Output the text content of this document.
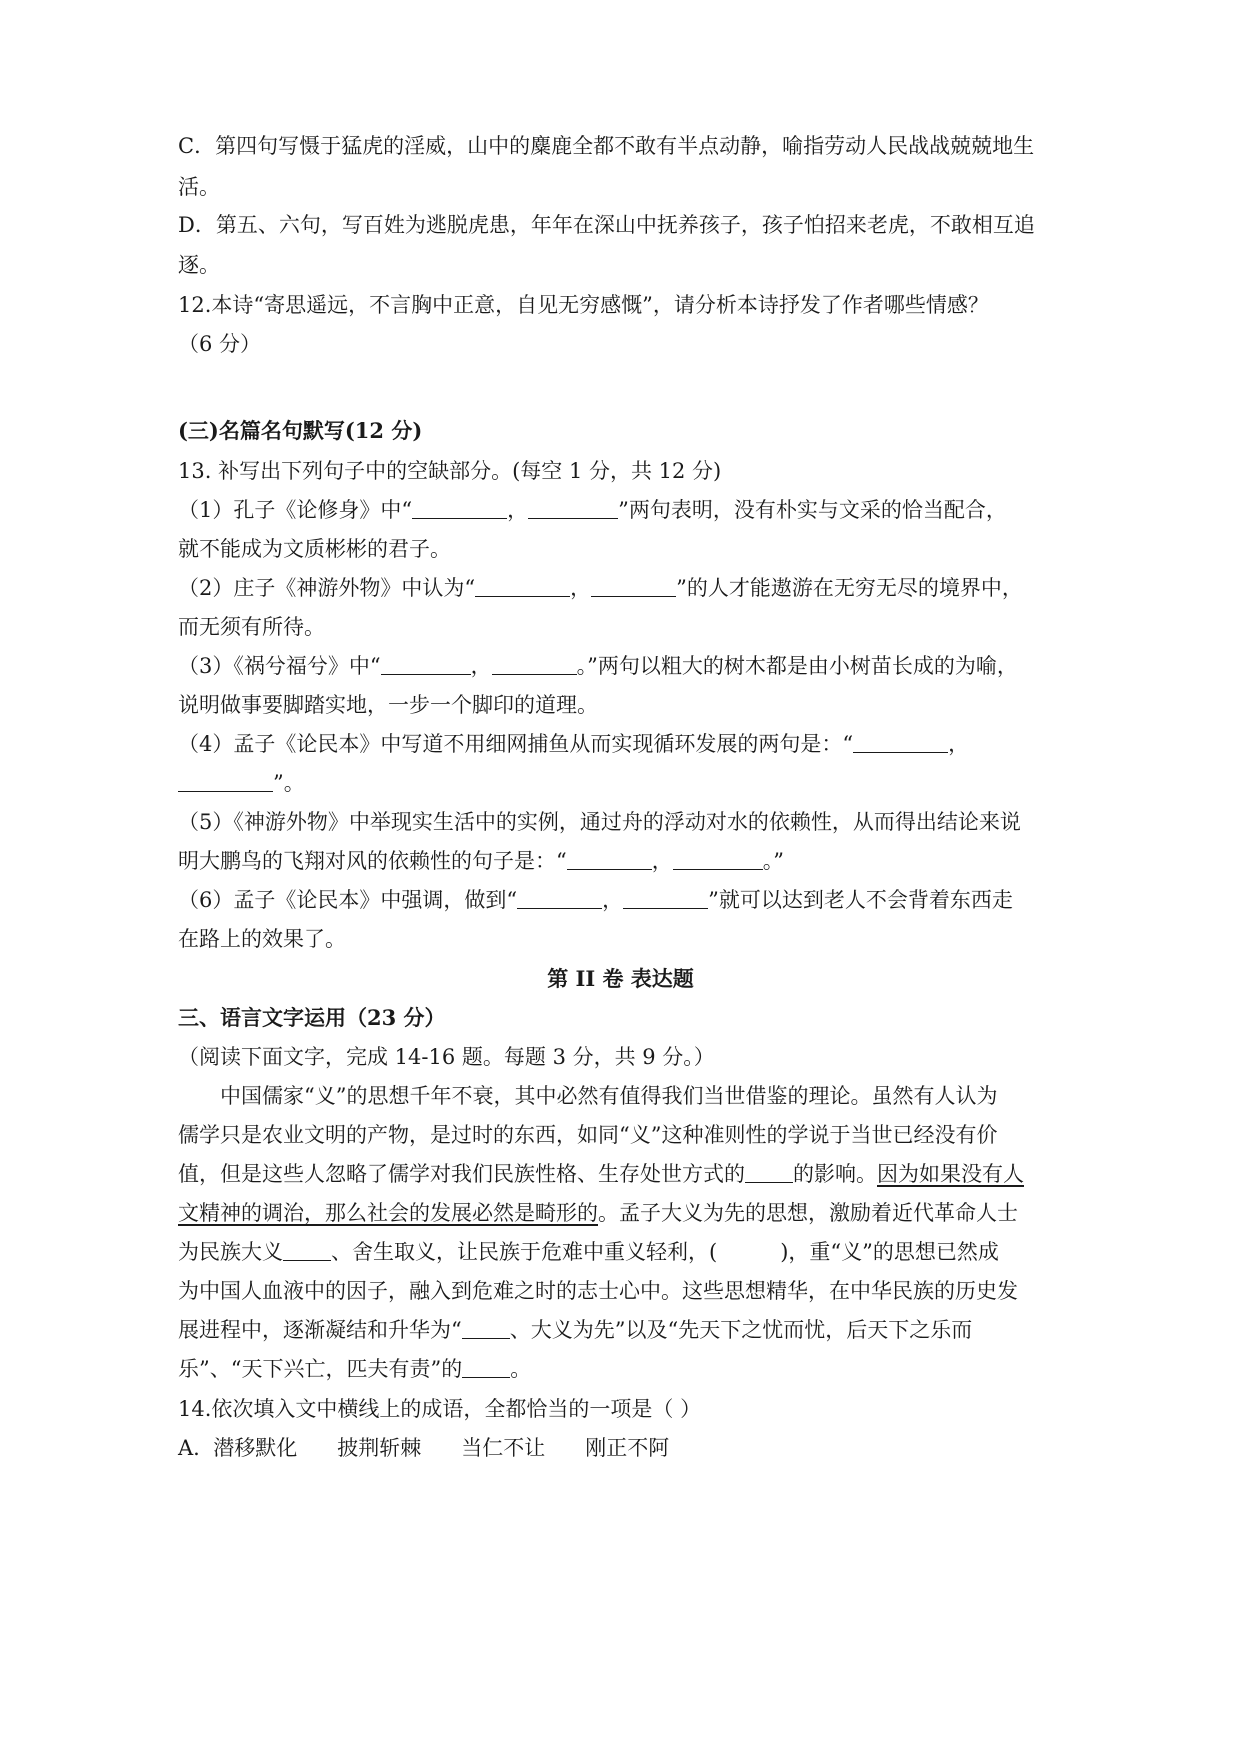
C．第四句写慑于猛虎的淫威，山中的麋鹿全都不敢有半点动静，喻指劳动人民战战兢兢地生
活。
D．第五、六句，写百姓为逃脱虎患，年年在深山中抚养孩子，孩子怕招来老虎，不敢相互追
逐。
12.本诗“寄思遥远，不言胸中正意，自见无穷感慨”，请分析本诗抒发了作者哪些情感？
（6 分）
(三)名篇名句默写(12 分)
13. 补写出下列句子中的空缺部分。(每空 1 分，共 12 分)
（1）孔子《论修身》中“	，	”两句表明，没有朴实与文采的恰当配合，
就不能成为文质彬彬的君子。
（2）庄子《神游外物》中认为“	，	”的人才能遨游在无穷无尽的境界中，
而无须有所待。
（3）《祸兮福兮》中“	，	。”两句以粗大的树木都是由小树苗长成的为喻，
说明做事要脚踏实地，一步一个脚印的道理。
（4）孟子《论民本》中写道不用细网捕鱼从而实现循环发展的两句是：“	，
”。
（5）《神游外物》中举现实生活中的实例，通过舟的浮动对水的依赖性，从而得出结论来说
明大鹏鸟的飞翔对风的依赖性的句子是：“	，	。”
（6）孟子《论民本》中强调，做到“	，	”就可以达到老人不会背着东西走
在路上的效果了。
第 II 卷 表达题
三、语言文字运用（23 分）
（阅读下面文字，完成 14-16 题。每题 3 分，共 9 分。）
中国儒家“义”的思想千年不衰，其中必然有值得我们当世借鉴的理论。虽然有人认为
儒学只是农业文明的产物，是过时的东西，如同“义”这种准则性的学说于当世已经没有价
值，但是这些人忽略了儒学对我们民族性格、生存处世方式的 的影响。因为如果没有人
文精神的调治，那么社会的发展必然是畸形的。孟子大义为先的思想，激励着近代革命人士
为民族大义 、舍生取义，让民族于危难中重义轻利，(　　　)，重“义”的思想已然成
为中国人血液中的因子，融入到危难之时的志士心中。这些思想精华，在中华民族的历史发
展进程中，逐渐凝结和升华为“ 、大义为先”以及“先天下之忧而忧，后天下之乐而
乐”、“天下兴亡，匹夫有责”的 。
14.依次填入文中横线上的成语，全都恰当的一项是（ ）
A. 潜移默化 披荆斩棘 当仁不让 刚正不阿
